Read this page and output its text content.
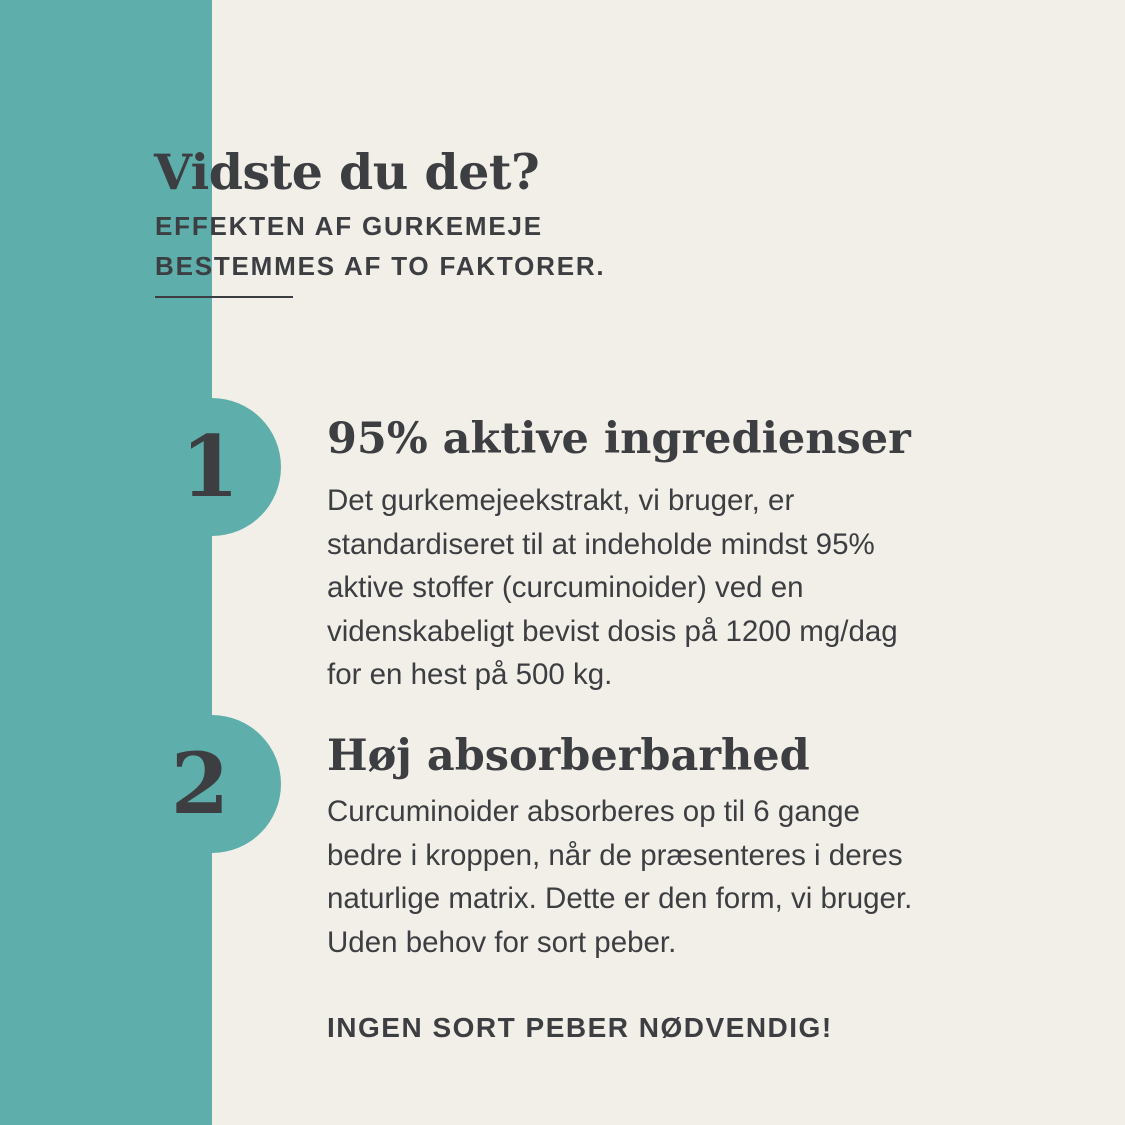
Vidste du det?
EFFEKTEN AF GURKEMEJE
BESTEMMES AF TO FAKTORER.
1	95% aktive ingredienser
Det gurkemejeekstrakt, vi bruger, er
standardiseret til at indeholde mindst 95%
aktive stoffer (curcuminoider) ved en
videnskabeligt bevist dosis på 1200 mg/dag
for en hest på 500 kg.
2	Høj absorberbarhed
Curcuminoider absorberes op til 6 gange
bedre i kroppen, når de præsenteres i deres
naturlige matrix. Dette er den form, vi bruger.
Uden behov for sort peber.

INGEN SORT PEBER NØDVENDIG!
